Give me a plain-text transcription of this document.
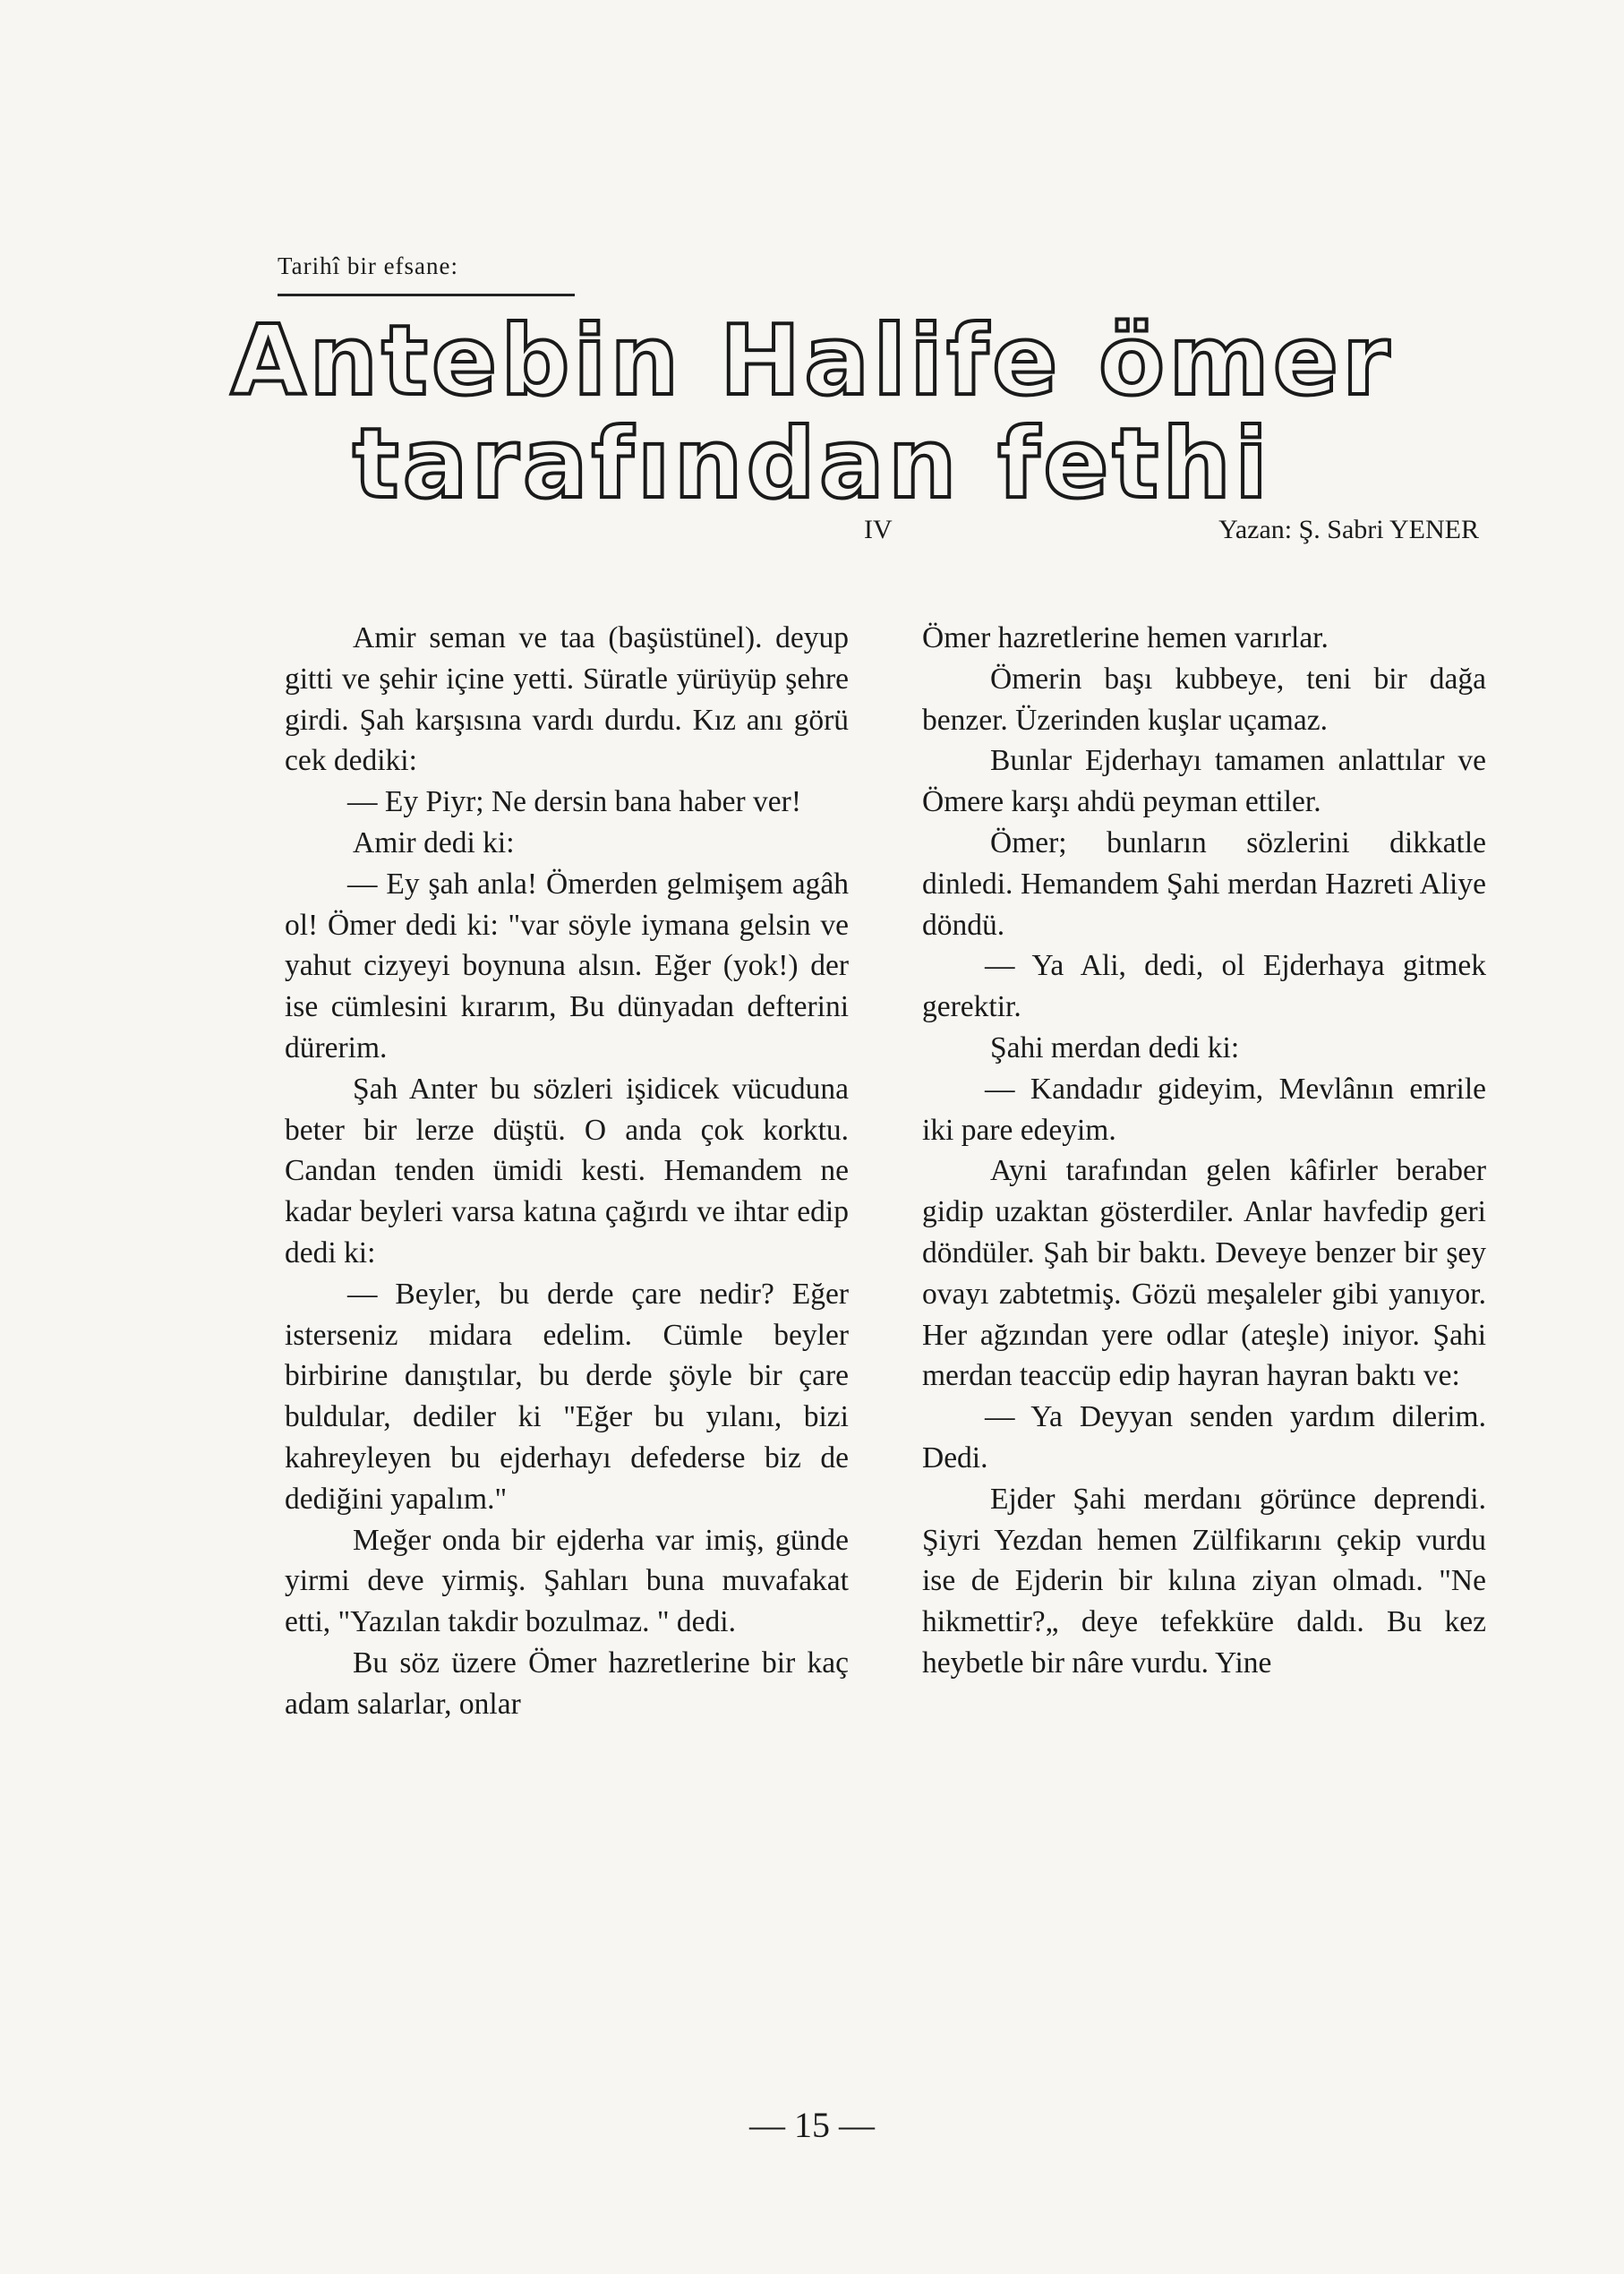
Tarihî bir efsane:
Antebin Halife ömer
tarafından fethi
IV	Yazan: Ş. Sabri YENER

Amir seman ve taa (başüstünel). deyup gitti ve şehir içine yetti. Süratle yürüyüp şehre girdi. Şah karşısına vardı durdu. Kız anı görü cek dediki:

— Ey Piyr; Ne dersin bana haber ver!

Amir dedi ki:

— Ey şah anla! Ömerden gelmişem agâh ol! Ömer dedi ki: "var söyle iymana gelsin ve yahut cizyeyi boynuna alsın. Eğer (yok!) der ise cümlesini kırarım, Bu dünyadan defterini dürerim.

Şah Anter bu sözleri işidicek vücuduna beter bir lerze düştü. O anda çok korktu. Candan tenden ümidi kesti. Hemandem ne kadar beyleri varsa katına çağırdı ve ihtar edip dedi ki:

— Beyler, bu derde çare nedir? Eğer isterseniz midara edelim. Cümle beyler birbirine danıştılar, bu derde şöyle bir çare buldular, dediler ki "Eğer bu yılanı, bizi kahreyleyen bu ejderhayı defederse biz de dediğini yapalım."

Meğer onda bir ejderha var imiş, günde yirmi deve yirmiş. Şahları buna muvafakat etti, "Yazılan takdir bozulmaz. " dedi.

Bu söz üzere Ömer hazretlerine bir kaç adam salarlar, onlar

Ömer hazretlerine hemen varırlar.

Ömerin başı kubbeye, teni bir dağa benzer. Üzerinden kuşlar uçamaz.

Bunlar Ejderhayı tamamen anlattılar ve Ömere karşı ahdü peyman ettiler.

Ömer; bunların sözlerini dikkatle dinledi. Hemandem Şahi merdan Hazreti Aliye döndü.

— Ya Ali, dedi, ol Ejderhaya gitmek gerektir.

Şahi merdan dedi ki:

— Kandadır gideyim, Mevlânın emrile iki pare edeyim.

Ayni tarafından gelen kâfirler beraber gidip uzaktan gösterdiler. Anlar havfedip geri döndüler. Şah bir baktı. Deveye benzer bir şey ovayı zabtetmiş. Gözü meşaleler gibi yanıyor. Her ağzından yere odlar (ateşle) iniyor. Şahi merdan teaccüp edip hayran hayran baktı ve:

— Ya Deyyan senden yardım dilerim. Dedi.

Ejder Şahi merdanı görünce deprendi. Şiyri Yezdan hemen Zülfikarını çekip vurdu ise de Ejderin bir kılına ziyan olmadı. "Ne hikmettir?„ deye tefekküre daldı. Bu kez heybetle bir nâre vurdu. Yine

— 15 —
